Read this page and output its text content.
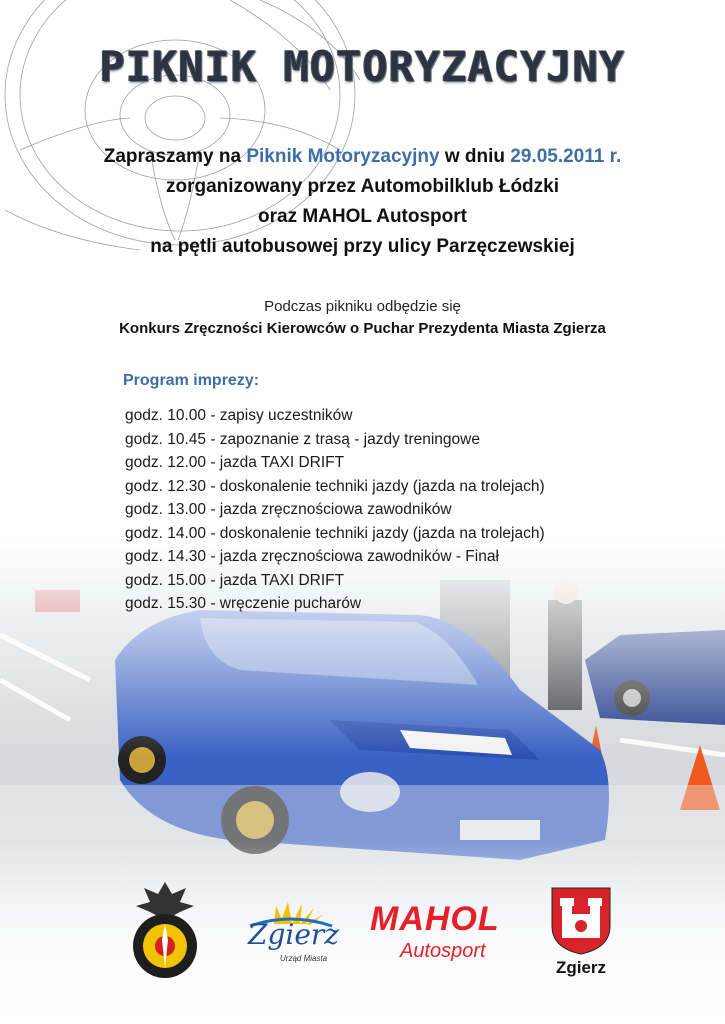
PIKNIK MOTORYZACYJNY
Zapraszamy na Piknik Motoryzacyjny w dniu 29.05.2011 r.
zorganizowany przez Automobilklub Łódzki
oraz MAHOL Autosport
na pętli autobusowej przy ulicy Parzęczewskiej
Podczas pikniku odbędzie się
Konkurs Zręczności Kierowców o Puchar Prezydenta Miasta Zgierza
Program imprezy:
godz. 10.00 - zapisy uczestników
godz. 10.45 - zapoznanie z trasą - jazdy treningowe
godz. 12.00 - jazda TAXI DRIFT
godz. 12.30 - doskonalenie techniki jazdy (jazda na trolejach)
godz. 13.00 - jazda zręcznościowa zawodników
godz. 14.00 - doskonalenie techniki jazdy (jazda na trolejach)
godz. 14.30 - jazda zręcznościowa zawodników - Finał
godz. 15.00 - jazda TAXI DRIFT
godz. 15.30 - wręczenie pucharów
Zgierz
Urząd Miasta
MAHOL
Autosport
Zgierz
